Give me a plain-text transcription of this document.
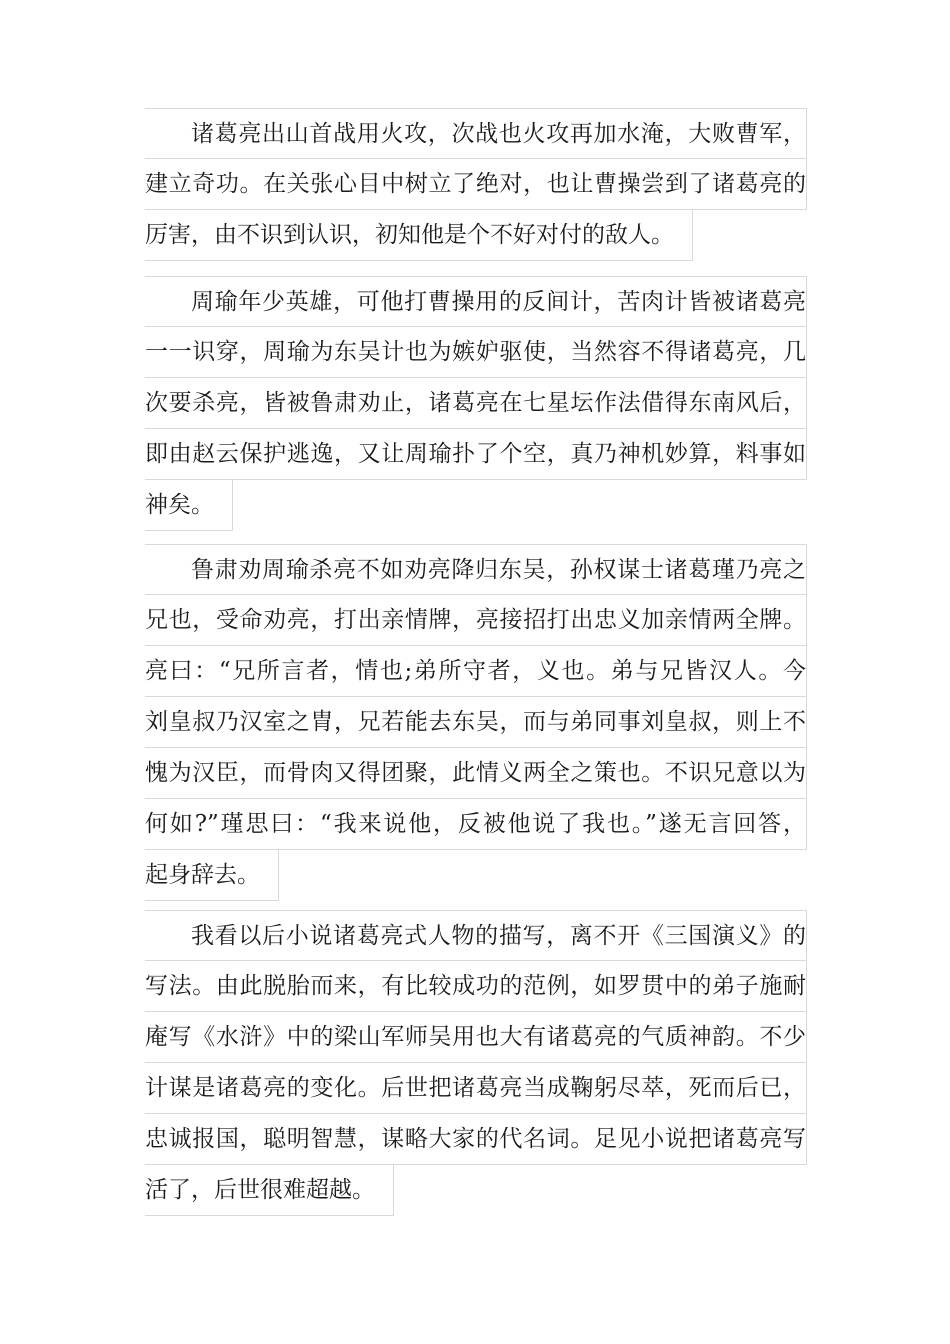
诸葛亮出山首战用火攻，次战也火攻再加水淹，大败曹军，
建立奇功。在关张心目中树立了绝对，也让曹操尝到了诸葛亮的
厉害，由不识到认识，初知他是个不好对付的敌人。
周瑜年少英雄，可他打曹操用的反间计，苦肉计皆被诸葛亮
一一识穿，周瑜为东吴计也为嫉妒驱使，当然容不得诸葛亮，几
次要杀亮，皆被鲁肃劝止，诸葛亮在七星坛作法借得东南风后，
即由赵云保护逃逸，又让周瑜扑了个空，真乃神机妙算，料事如
神矣。
鲁肃劝周瑜杀亮不如劝亮降归东吴，孙权谋士诸葛瑾乃亮之
兄也，受命劝亮，打出亲情牌，亮接招打出忠义加亲情两全牌。
亮曰：“兄所言者，情也;弟所守者，义也。弟与兄皆汉人。今
刘皇叔乃汉室之胄，兄若能去东吴，而与弟同事刘皇叔，则上不
愧为汉臣，而骨肉又得团聚，此情义两全之策也。不识兄意以为
何如?”瑾思曰：“我来说他，反被他说了我也。”遂无言回答，
起身辞去。
我看以后小说诸葛亮式人物的描写，离不开《三国演义》的
写法。由此脱胎而来，有比较成功的范例，如罗贯中的弟子施耐
庵写《水浒》中的梁山军师吴用也大有诸葛亮的气质神韵。不少
计谋是诸葛亮的变化。后世把诸葛亮当成鞠躬尽萃，死而后已，
忠诚报国，聪明智慧，谋略大家的代名词。足见小说把诸葛亮写
活了，后世很难超越。
